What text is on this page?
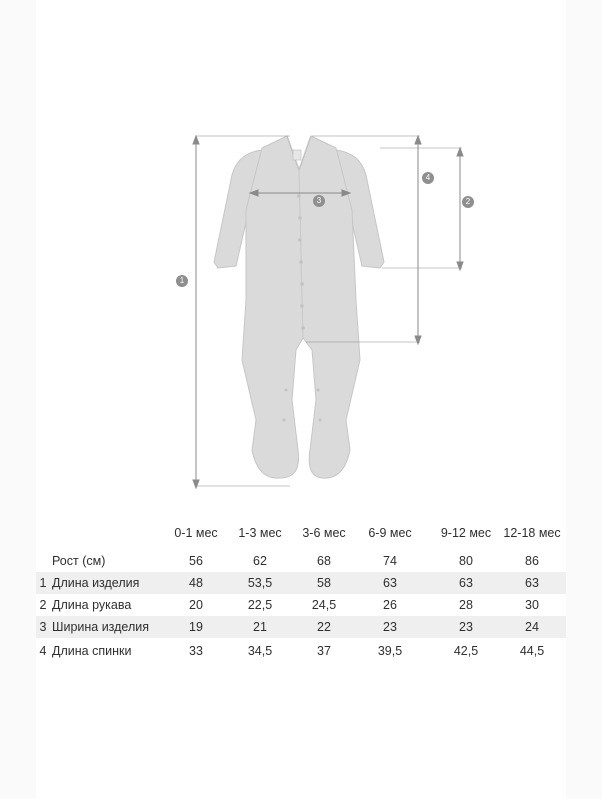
1
2
3
4
0-1 мес	1-3 мес	3-6 мес	6-9 мес	9-12 мес 12-18 мес
Рост (см)	56	62	68	74	80	86
1 Длина изделия	48	53,5	58	63	63	63
2 Длина рукава	20	22,5	24,5	26	28	30
3 Ширина изделия	19	21	22	23	23	24
4 Длина спинки	33	34,5	37	39,5	42,5	44,5
